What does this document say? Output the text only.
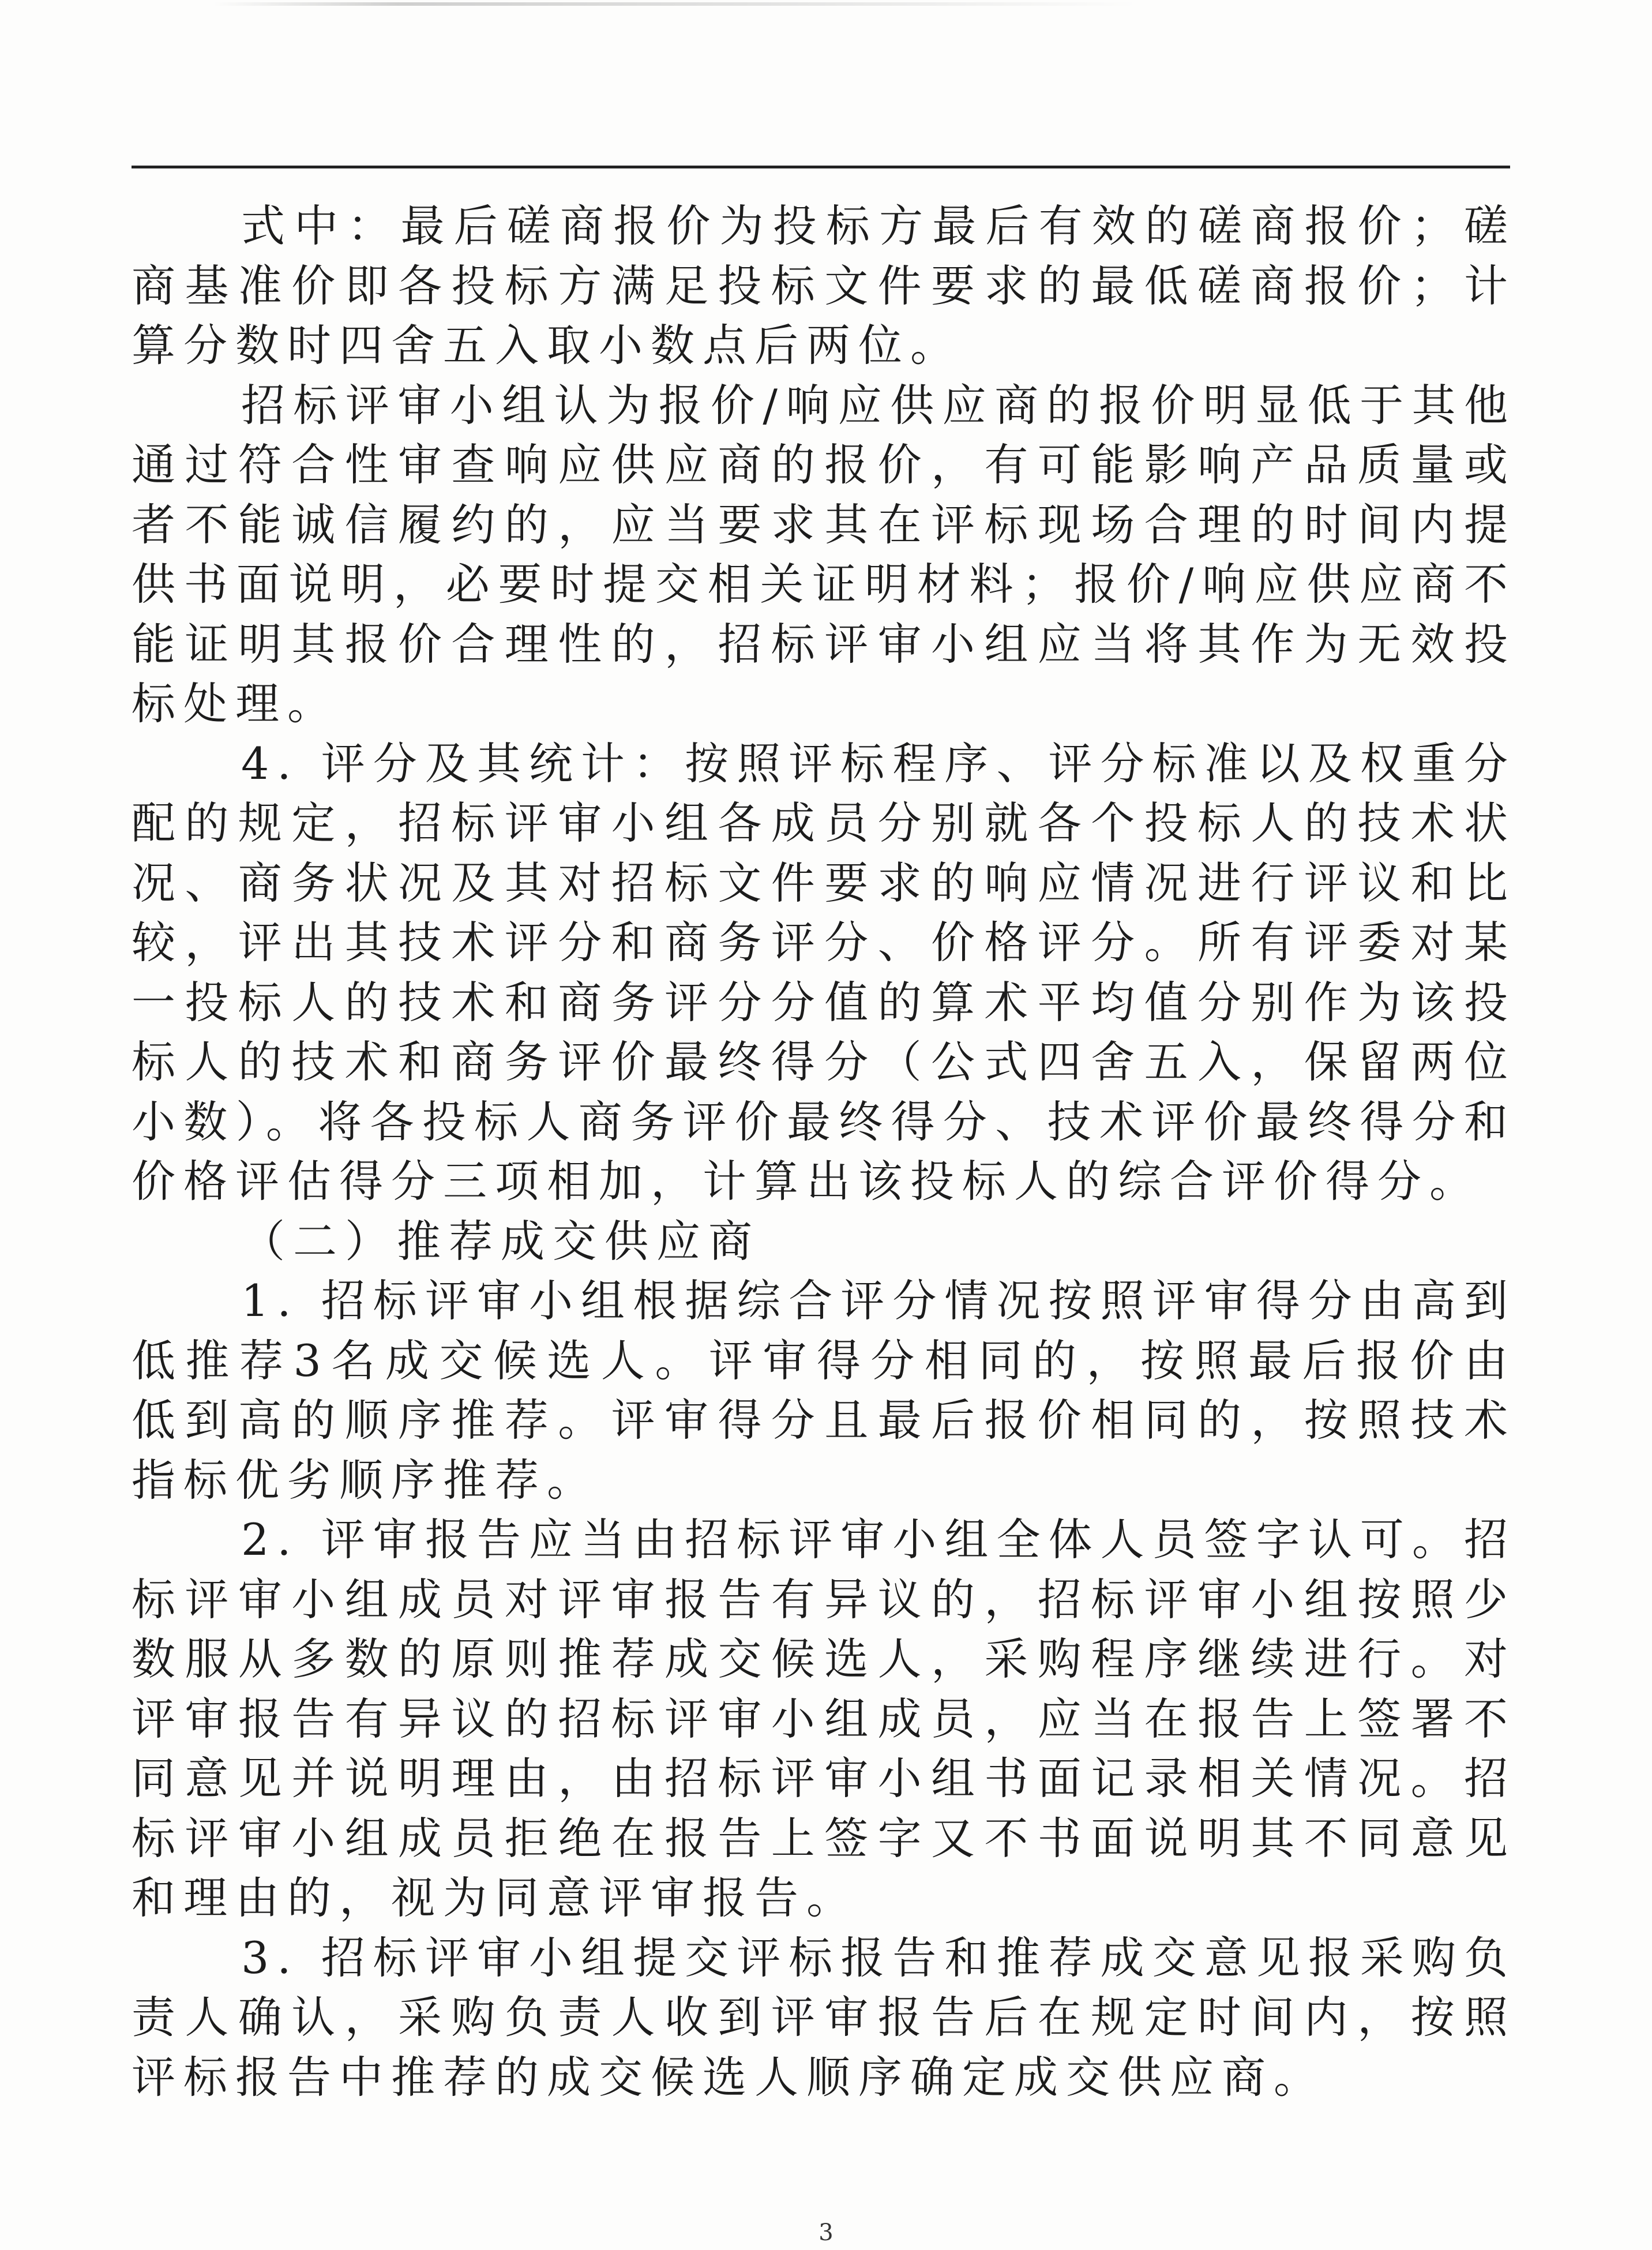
式中：最后磋商报价为投标方最后有效的磋商报价；磋商基准价即各投标方满足投标文件要求的最低磋商报价；计算分数时四舍五入取小数点后两位。

招标评审小组认为报价/响应供应商的报价明显低于其他通过符合性审查响应供应商的报价，有可能影响产品质量或者不能诚信履约的，应当要求其在评标现场合理的时间内提供书面说明，必要时提交相关证明材料；报价/响应供应商不能证明其报价合理性的，招标评审小组应当将其作为无效投标处理。

4. 评分及其统计：按照评标程序、评分标准以及权重分配的规定，招标评审小组各成员分别就各个投标人的技术状况、商务状况及其对招标文件要求的响应情况进行评议和比较，评出其技术评分和商务评分、价格评分。所有评委对某一投标人的技术和商务评分分值的算术平均值分别作为该投标人的技术和商务评价最终得分（公式四舍五入，保留两位小数）。将各投标人商务评价最终得分、技术评价最终得分和价格评估得分三项相加，计算出该投标人的综合评价得分。

（二）推荐成交供应商

1. 招标评审小组根据综合评分情况按照评审得分由高到低推荐3名成交候选人。评审得分相同的，按照最后报价由低到高的顺序推荐。评审得分且最后报价相同的，按照技术指标优劣顺序推荐。

2. 评审报告应当由招标评审小组全体人员签字认可。招标评审小组成员对评审报告有异议的，招标评审小组按照少数服从多数的原则推荐成交候选人，采购程序继续进行。对评审报告有异议的招标评审小组成员，应当在报告上签署不同意见并说明理由，由招标评审小组书面记录相关情况。招标评审小组成员拒绝在报告上签字又不书面说明其不同意见和理由的，视为同意评审报告。

3. 招标评审小组提交评标报告和推荐成交意见报采购负责人确认，采购负责人收到评审报告后在规定时间内，按照评标报告中推荐的成交候选人顺序确定成交供应商。

3
